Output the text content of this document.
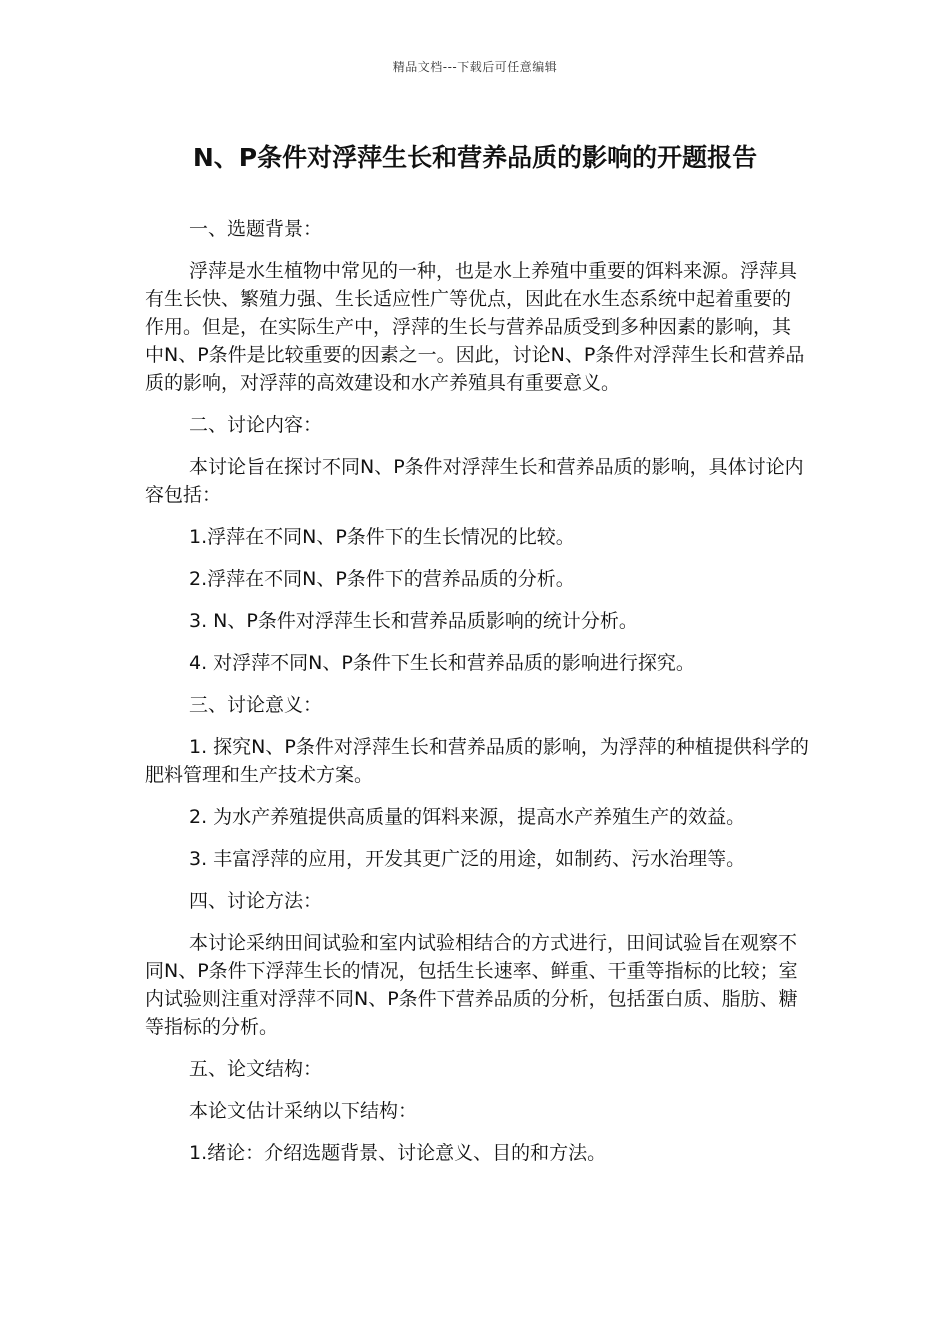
精品文档---下载后可任意编辑
N、P条件对浮萍生长和营养品质的影响的开题报告
一、选题背景：
浮萍是水生植物中常见的一种，也是水上养殖中重要的饵料来源。浮萍具有生长快、繁殖力强、生长适应性广等优点，因此在水生态系统中起着重要的作用。但是，在实际生产中，浮萍的生长与营养品质受到多种因素的影响，其中N、P条件是比较重要的因素之一。因此，讨论N、P条件对浮萍生长和营养品质的影响，对浮萍的高效建设和水产养殖具有重要意义。
二、讨论内容：
本讨论旨在探讨不同N、P条件对浮萍生长和营养品质的影响，具体讨论内容包括：
1.浮萍在不同N、P条件下的生长情况的比较。
2.浮萍在不同N、P条件下的营养品质的分析。
3. N、P条件对浮萍生长和营养品质影响的统计分析。
4. 对浮萍不同N、P条件下生长和营养品质的影响进行探究。
三、讨论意义：
1. 探究N、P条件对浮萍生长和营养品质的影响，为浮萍的种植提供科学的肥料管理和生产技术方案。
2. 为水产养殖提供高质量的饵料来源，提高水产养殖生产的效益。
3. 丰富浮萍的应用，开发其更广泛的用途，如制药、污水治理等。
四、讨论方法：
本讨论采纳田间试验和室内试验相结合的方式进行，田间试验旨在观察不同N、P条件下浮萍生长的情况，包括生长速率、鲜重、干重等指标的比较；室内试验则注重对浮萍不同N、P条件下营养品质的分析，包括蛋白质、脂肪、糖等指标的分析。
五、论文结构：
本论文估计采纳以下结构：
1.绪论：介绍选题背景、讨论意义、目的和方法。
